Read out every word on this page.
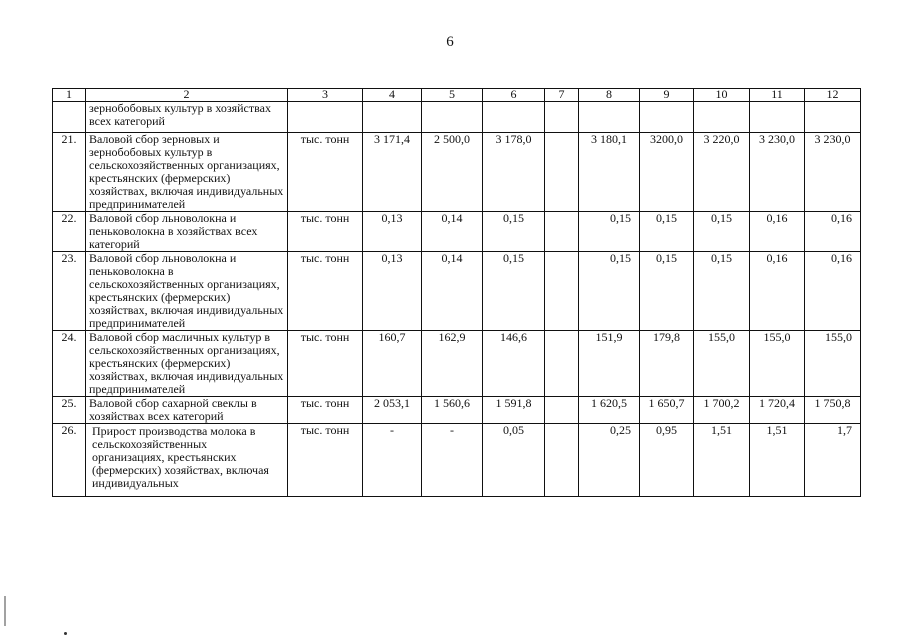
6
1	2	3	4	5	6	7	8	9	10	11	12
	зернобобовых культур в хозяйствах всех категорий										
21.	Валовой сбор зерновых и зернобобовых культур в сельскохозяйственных организациях, крестьянских (фермерских) хозяйствах, включая индивидуальных предпринимателей	тыс. тонн	3 171,4	2 500,0	3 178,0		3 180,1	3200,0	3 220,0	3 230,0	3 230,0
22.	Валовой сбор льноволокна и пеньковолокна в хозяйствах всех категорий	тыс. тонн	0,13	0,14	0,15		0,15	0,15	0,15	0,16	0,16
23.	Валовой сбор льноволокна и пеньковолокна в сельскохозяйственных организациях, крестьянских (фермерских) хозяйствах, включая индивидуальных предпринимателей	тыс. тонн	0,13	0,14	0,15		0,15	0,15	0,15	0,16	0,16
24.	Валовой сбор масличных культур в сельскохозяйственных организациях, крестьянских (фермерских) хозяйствах, включая индивидуальных предпринимателей	тыс. тонн	160,7	162,9	146,6		151,9	179,8	155,0	155,0	155,0
25.	Валовой сбор сахарной свеклы в хозяйствах всех категорий	тыс. тонн	2 053,1	1 560,6	1 591,8		1 620,5	1 650,7	1 700,2	1 720,4	1 750,8
26.	Прирост производства молока в сельскохозяйственных организациях, крестьянских (фермерских) хозяйствах, включая индивидуальных	тыс. тонн	-	-	0,05		0,25	0,95	1,51	1,51	1,7
